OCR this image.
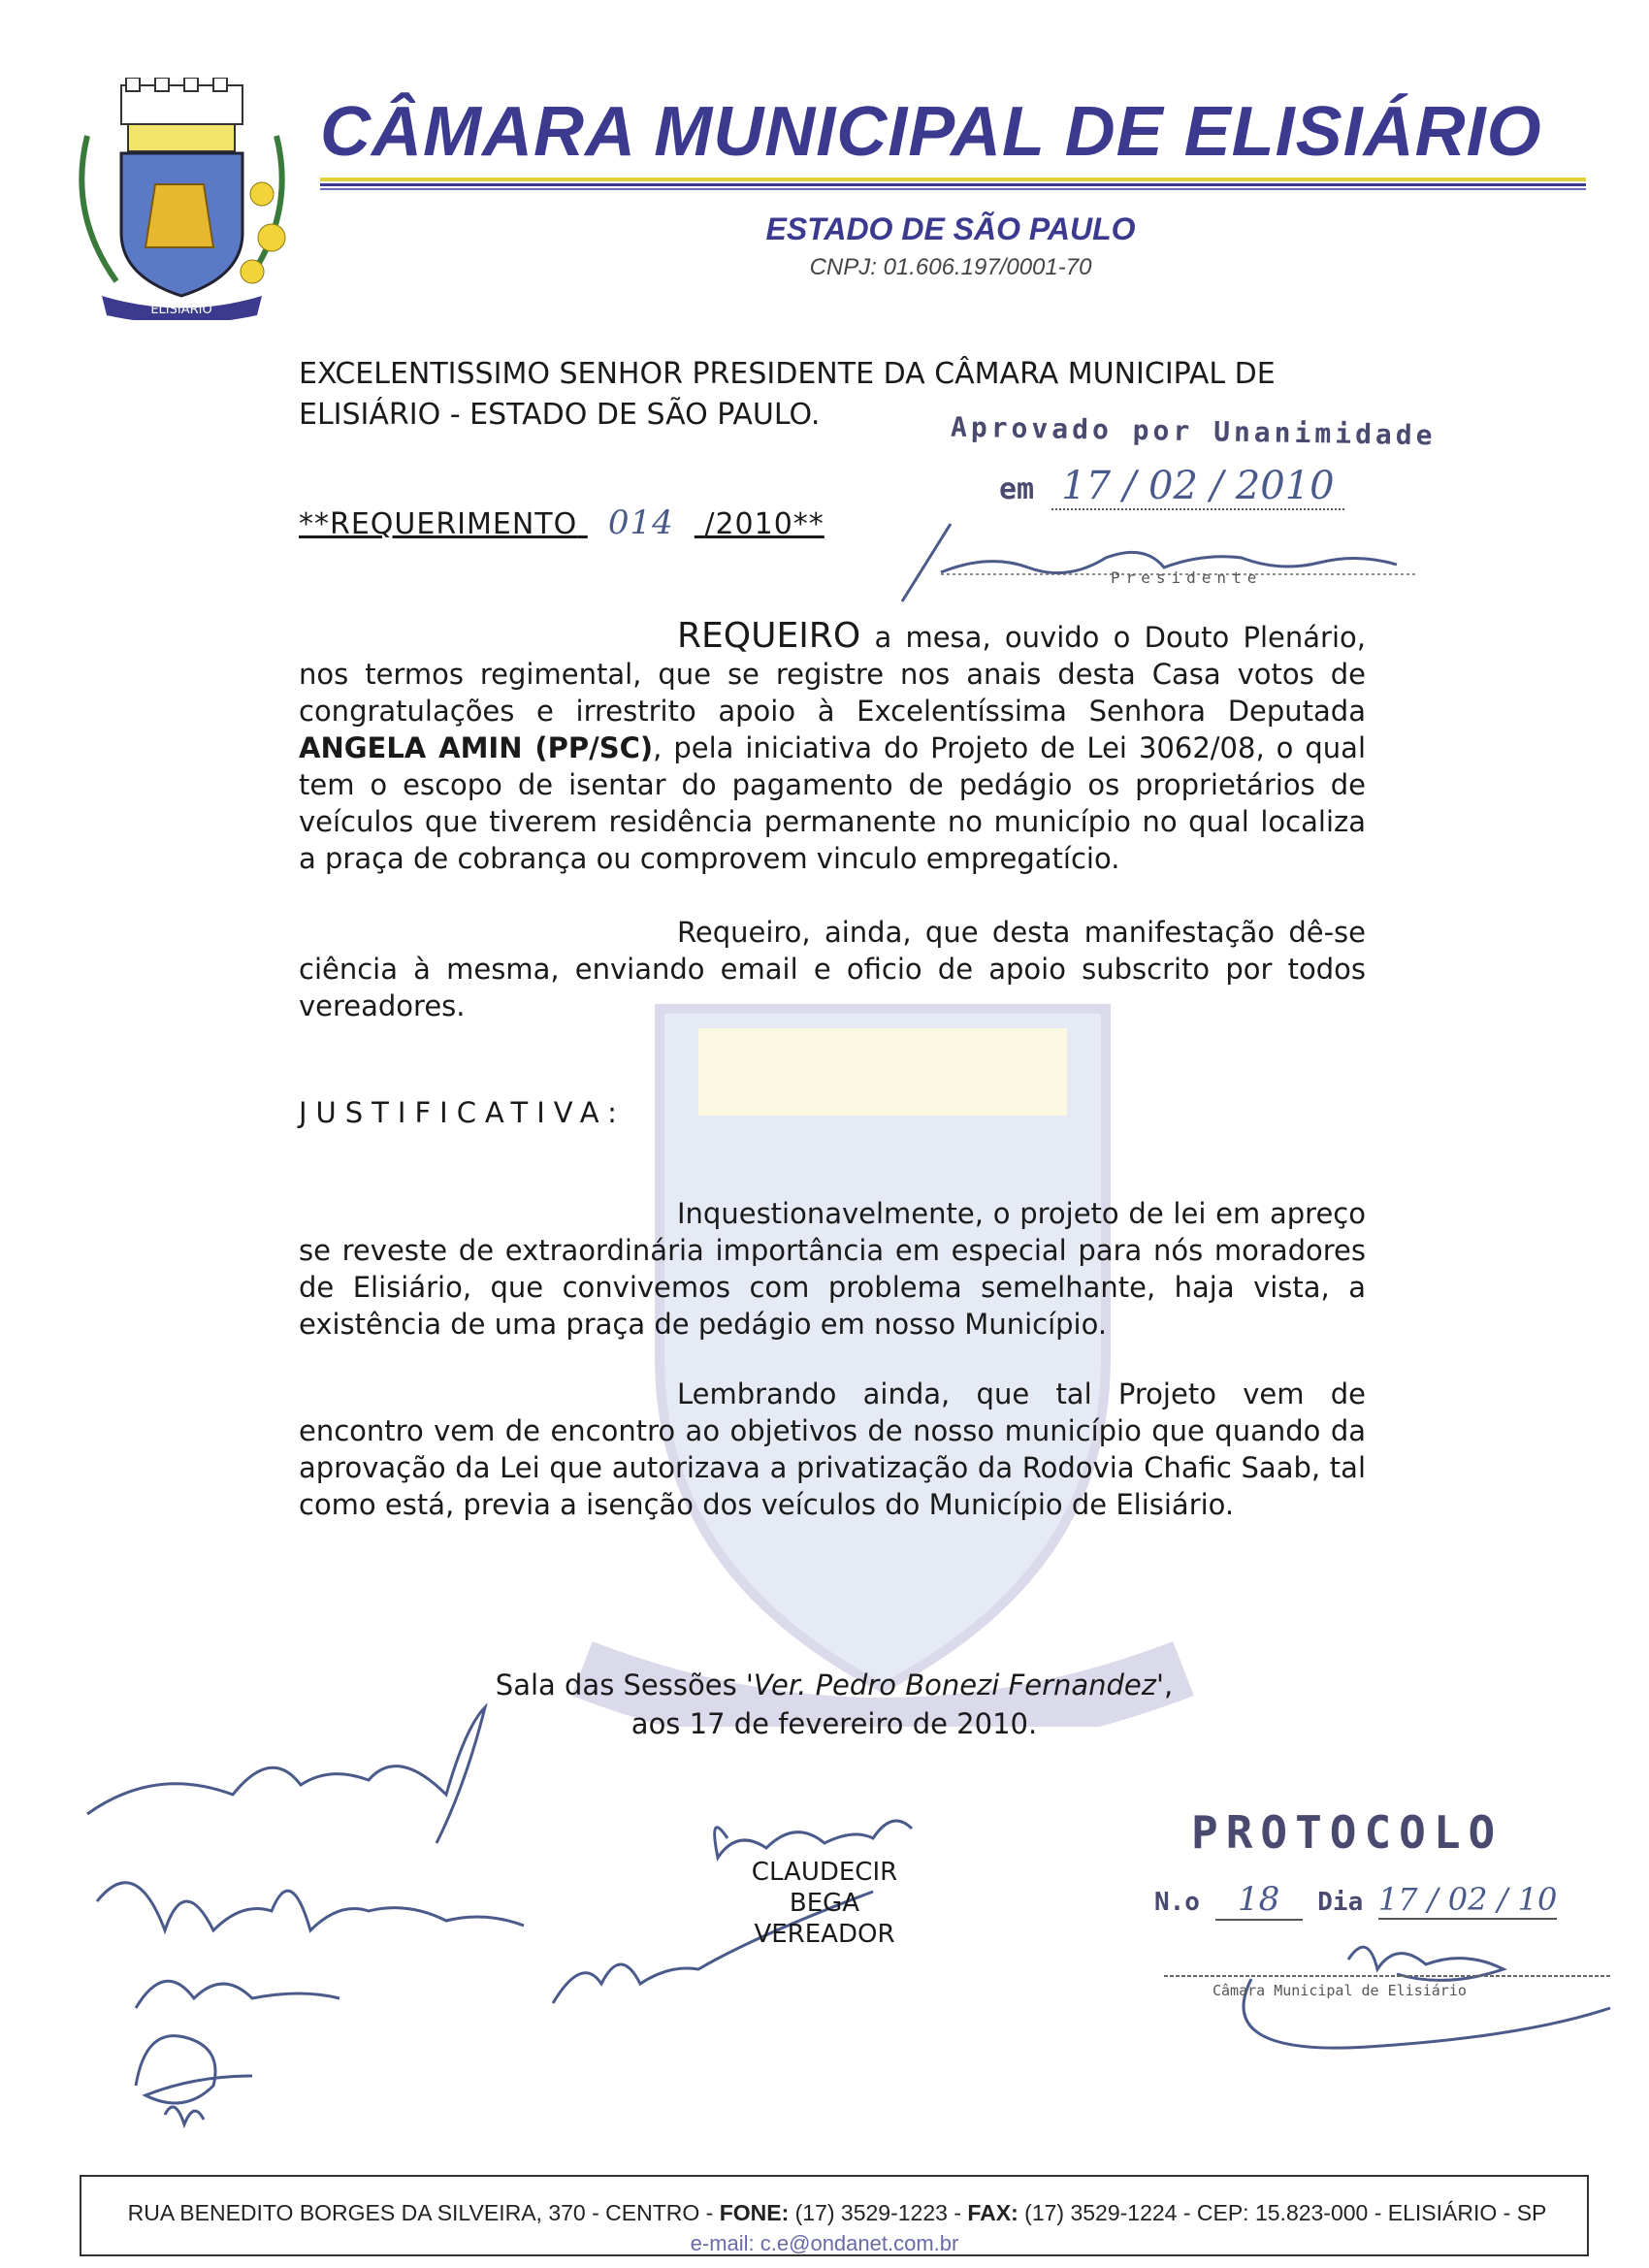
ELISIÁRIO
CÂMARA MUNICIPAL DE ELISIÁRIO
ESTADO DE SÃO PAULO
CNPJ: 01.606.197/0001-70
EXCELENTISSIMO SENHOR PRESIDENTE DA CÂMARA MUNICIPAL DE ELISIÁRIO - ESTADO DE SÃO PAULO.
**REQUERIMENTO 014 /2010**
Aprovado por Unanimidade
em 17 / 02 / 2010
Presidente
REQUEIRO a mesa, ouvido o Douto Plenário, nos termos regimental, que se registre nos anais desta Casa votos de congratulações e irrestrito apoio à Excelentíssima Senhora Deputada ANGELA AMIN (PP/SC), pela iniciativa do Projeto de Lei 3062/08, o qual tem o escopo de isentar do pagamento de pedágio os proprietários de veículos que tiverem residência permanente no município no qual localiza a praça de cobrança ou comprovem vinculo empregatício.
Requeiro, ainda, que desta manifestação dê-se ciência à mesma, enviando email e oficio de apoio subscrito por todos vereadores.
JUSTIFICATIVA:
Inquestionavelmente, o projeto de lei em apreço se reveste de extraordinária importância em especial para nós moradores de Elisiário, que convivemos com problema semelhante, haja vista, a existência de uma praça de pedágio em nosso Município.
Lembrando ainda, que tal Projeto vem de encontro vem de encontro ao objetivos de nosso município que quando da aprovação da Lei que autorizava a privatização da Rodovia Chafic Saab, tal como está, previa a isenção dos veículos do Município de Elisiário.
Sala das Sessões 'Ver. Pedro Bonezi Fernandez',
aos 17 de fevereiro de 2010.
CLAUDECIR BEGA
VEREADOR
PROTOCOLO
N.o 18 Dia 17 / 02 / 10
Câmara Municipal de Elisiário
RUA BENEDITO BORGES DA SILVEIRA, 370 - CENTRO - FONE: (17) 3529-1223 - FAX: (17) 3529-1224 - CEP: 15.823-000 - ELISIÁRIO - SP
e-mail: c.e@ondanet.com.br
